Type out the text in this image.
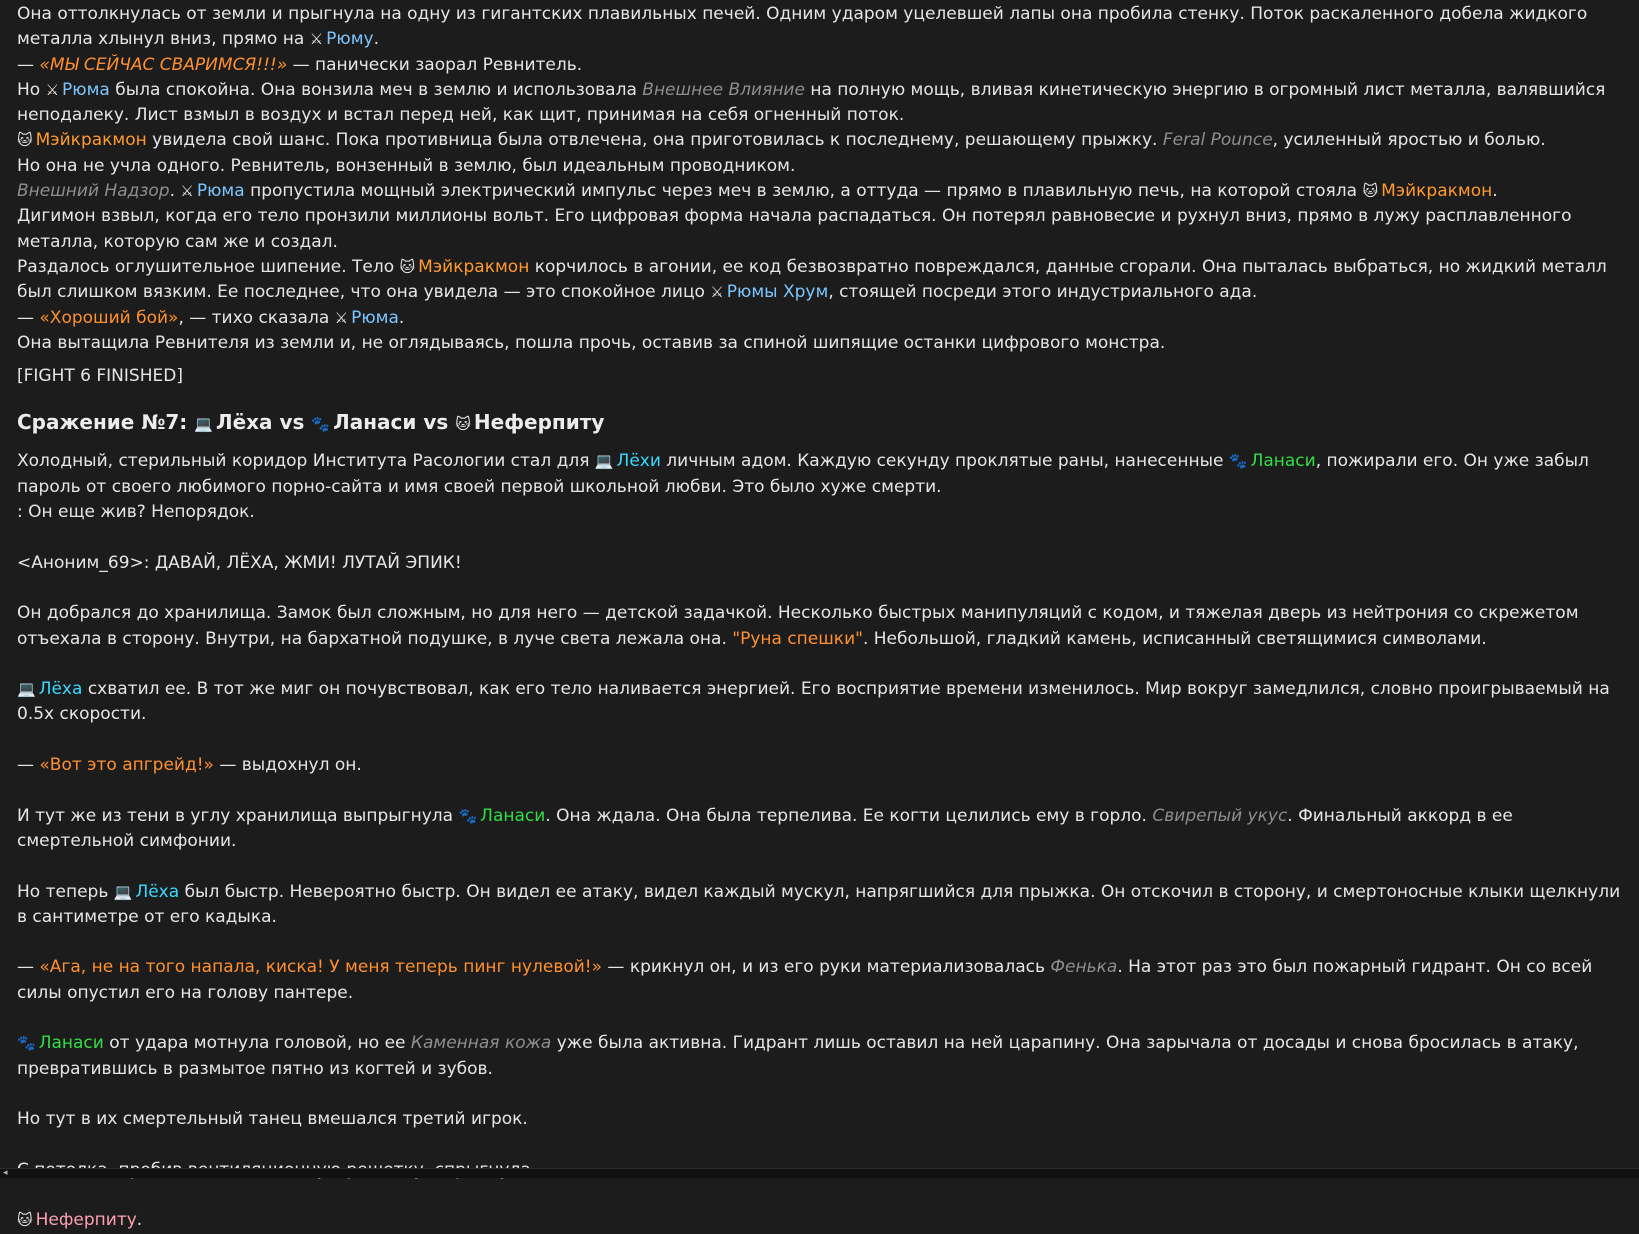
Она оттолкнулась от земли и прыгнула на одну из гигантских плавильных печей. Одним ударом уцелевшей лапы она пробила стенку. Поток раскаленного добела жидкого металла хлынул вниз, прямо на ⚔ Рюму.

— «МЫ СЕЙЧАС СВАРИМСЯ!!!» — панически заорал Ревнитель.

Но ⚔ Рюма была спокойна. Она вонзила меч в землю и использовала Внешнее Влияние на полную мощь, вливая кинетическую энергию в огромный лист металла, валявшийся неподалеку. Лист взмыл в воздух и встал перед ней, как щит, принимая на себя огненный поток.

🐱 Мэйкракмон увидела свой шанс. Пока противница была отвлечена, она приготовилась к последнему, решающему прыжку. Feral Pounce, усиленный яростью и болью.

Но она не учла одного. Ревнитель, вонзенный в землю, был идеальным проводником.

Внешний Надзор. ⚔ Рюма пропустила мощный электрический импульс через меч в землю, а оттуда — прямо в плавильную печь, на которой стояла 🐱 Мэйкракмон.

Дигимон взвыл, когда его тело пронзили миллионы вольт. Его цифровая форма начала распадаться. Он потерял равновесие и рухнул вниз, прямо в лужу расплавленного металла, которую сам же и создал.

Раздалось оглушительное шипение. Тело 🐱 Мэйкракмон корчилось в агонии, ее код безвозвратно повреждался, данные сгорали. Она пыталась выбраться, но жидкий металл был слишком вязким. Ее последнее, что она увидела — это спокойное лицо ⚔ Рюмы Хрум, стоящей посреди этого индустриального ада.

— «Хороший бой», — тихо сказала ⚔ Рюма.

Она вытащила Ревнителя из земли и, не оглядываясь, пошла прочь, оставив за спиной шипящие останки цифрового монстра.

[FIGHT 6 FINISHED]

Сражение №7: 💻 Лёха vs 🐾 Ланаси vs 🐱 Неферпиту

Холодный, стерильный коридор Института Расологии стал для 💻 Лёхи личным адом. Каждую секунду проклятые раны, нанесенные 🐾 Ланаси, пожирали его. Он уже забыл пароль от своего любимого порно-сайта и имя своей первой школьной любви. Это было хуже смерти.

: Он еще жив? Непорядок.

<Аноним_69>: ДАВАЙ, ЛЁХА, ЖМИ! ЛУТАЙ ЭПИК!

Он добрался до хранилища. Замок был сложным, но для него — детской задачкой. Несколько быстрых манипуляций с кодом, и тяжелая дверь из нейтрония со скрежетом отъехала в сторону. Внутри, на бархатной подушке, в луче света лежала она. "Руна спешки". Небольшой, гладкий камень, исписанный светящимися символами.

💻 Лёха схватил ее. В тот же миг он почувствовал, как его тело наливается энергией. Его восприятие времени изменилось. Мир вокруг замедлился, словно проигрываемый на 0.5x скорости.

— «Вот это апгрейд!» — выдохнул он.

И тут же из тени в углу хранилища выпрыгнула 🐾 Ланаси. Она ждала. Она была терпелива. Ее когти целились ему в горло. Свирепый укус. Финальный аккорд в ее смертельной симфонии.

Но теперь 💻 Лёха был быстр. Невероятно быстр. Он видел ее атаку, видел каждый мускул, напрягшийся для прыжка. Он отскочил в сторону, и смертоносные клыки щелкнули в сантиметре от его кадыка.

— «Ага, не на того напала, киска! У меня теперь пинг нулевой!» — крикнул он, и из его руки материализовалась Фенька. На этот раз это был пожарный гидрант. Он со всей силы опустил его на голову пантере.

🐾 Ланаси от удара мотнула головой, но ее Каменная кожа уже была активна. Гидрант лишь оставил на ней царапину. Она зарычала от досады и снова бросилась в атаку, превратившись в размытое пятно из когтей и зубов.

Но тут в их смертельный танец вмешался третий игрок.

🐱 Неферпиту.

◂
